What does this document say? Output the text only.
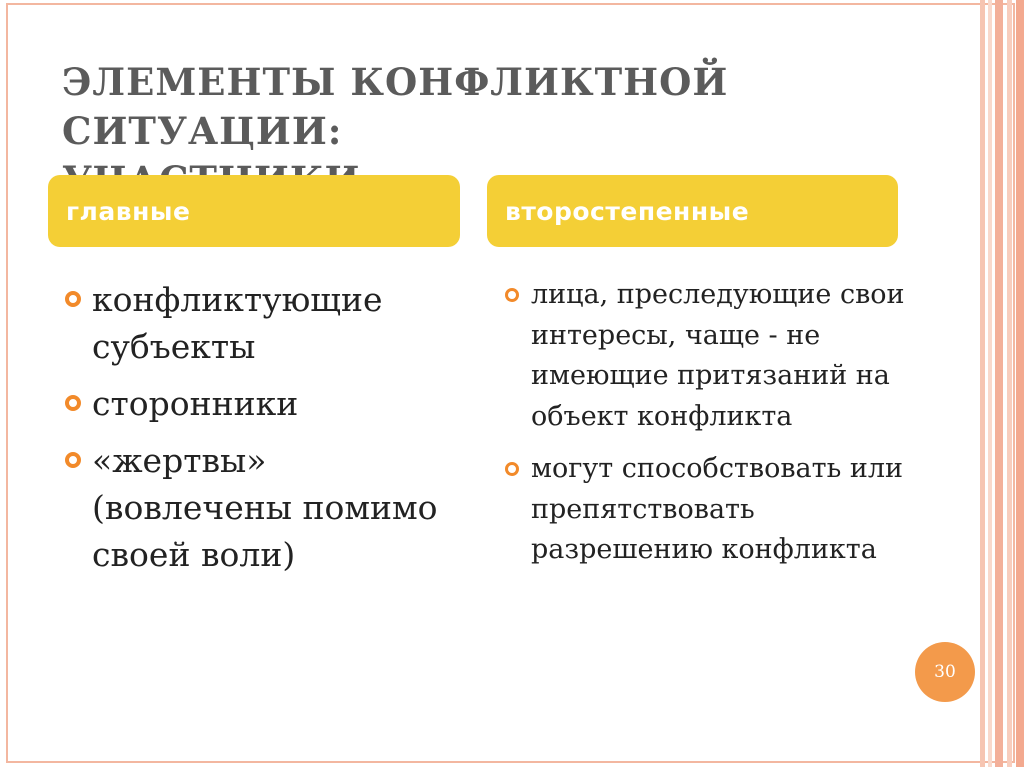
ЭЛЕМЕНТЫ КОНФЛИКТНОЙ СИТУАЦИИ:
главные	второстепенные
конфликтующие субъекты
сторонники
«жертвы» (вовлечены помимо своей воли)
лица, преследующие свои интересы, чаще - не имеющие притязаний на объект конфликта
могут способствовать или препятствовать разрешению конфликта
30
